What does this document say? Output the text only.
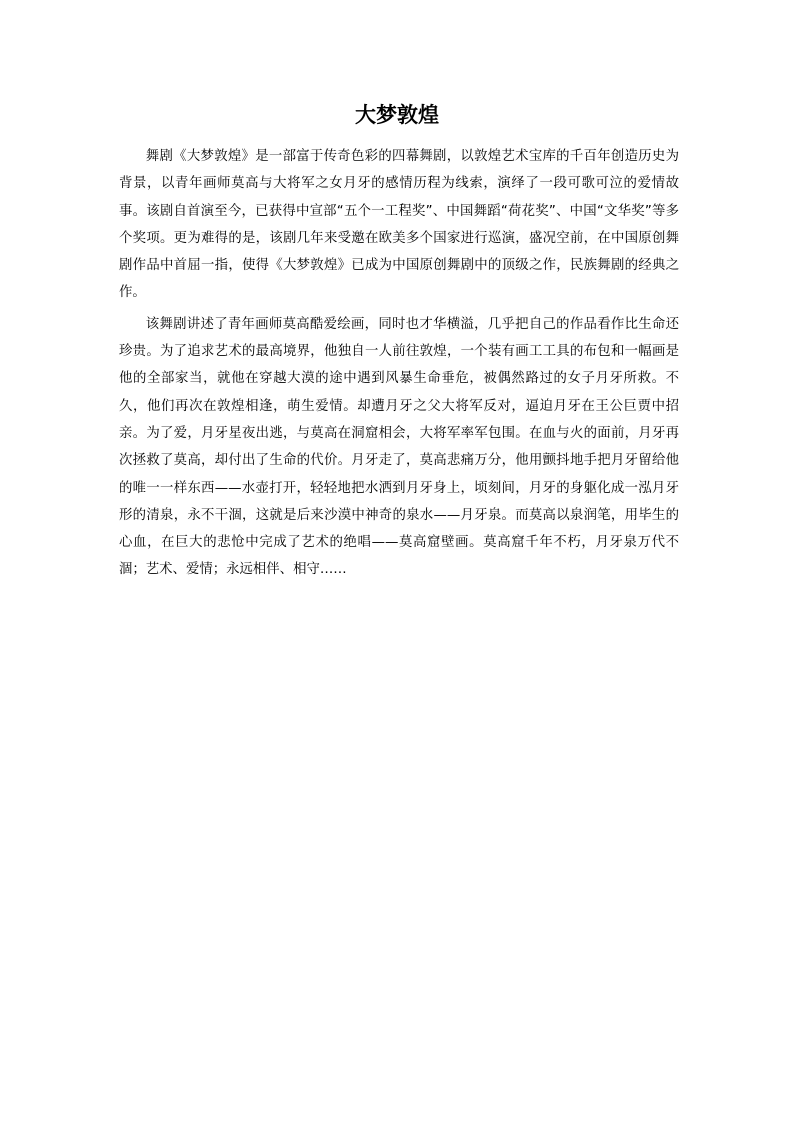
大梦敦煌

舞剧《大梦敦煌》是一部富于传奇色彩的四幕舞剧，以敦煌艺术宝库的千百年创造历史为背景，以青年画师莫高与大将军之女月牙的感情历程为线索，演绎了一段可歌可泣的爱情故事。该剧自首演至今，已获得中宣部“五个一工程奖”、中国舞蹈“荷花奖”、中国“文华奖”等多个奖项。更为难得的是，该剧几年来受邀在欧美多个国家进行巡演，盛况空前，在中国原创舞剧作品中首屈一指，使得《大梦敦煌》已成为中国原创舞剧中的顶级之作，民族舞剧的经典之作。

该舞剧讲述了青年画师莫高酷爱绘画，同时也才华横溢，几乎把自己的作品看作比生命还珍贵。为了追求艺术的最高境界，他独自一人前往敦煌，一个装有画工工具的布包和一幅画是他的全部家当，就他在穿越大漠的途中遇到风暴生命垂危，被偶然路过的女子月牙所救。不久，他们再次在敦煌相逢，萌生爱情。却遭月牙之父大将军反对，逼迫月牙在王公巨贾中招亲。为了爱，月牙星夜出逃，与莫高在洞窟相会，大将军率军包围。在血与火的面前，月牙再次拯救了莫高，却付出了生命的代价。月牙走了，莫高悲痛万分，他用颤抖地手把月牙留给他的唯一一样东西——水壶打开，轻轻地把水洒到月牙身上，顷刻间，月牙的身躯化成一泓月牙形的清泉，永不干涸，这就是后来沙漠中神奇的泉水——月牙泉。而莫高以泉润笔，用毕生的心血，在巨大的悲怆中完成了艺术的绝唱——莫高窟壁画。莫高窟千年不朽，月牙泉万代不涸；艺术、爱情；永远相伴、相守……
